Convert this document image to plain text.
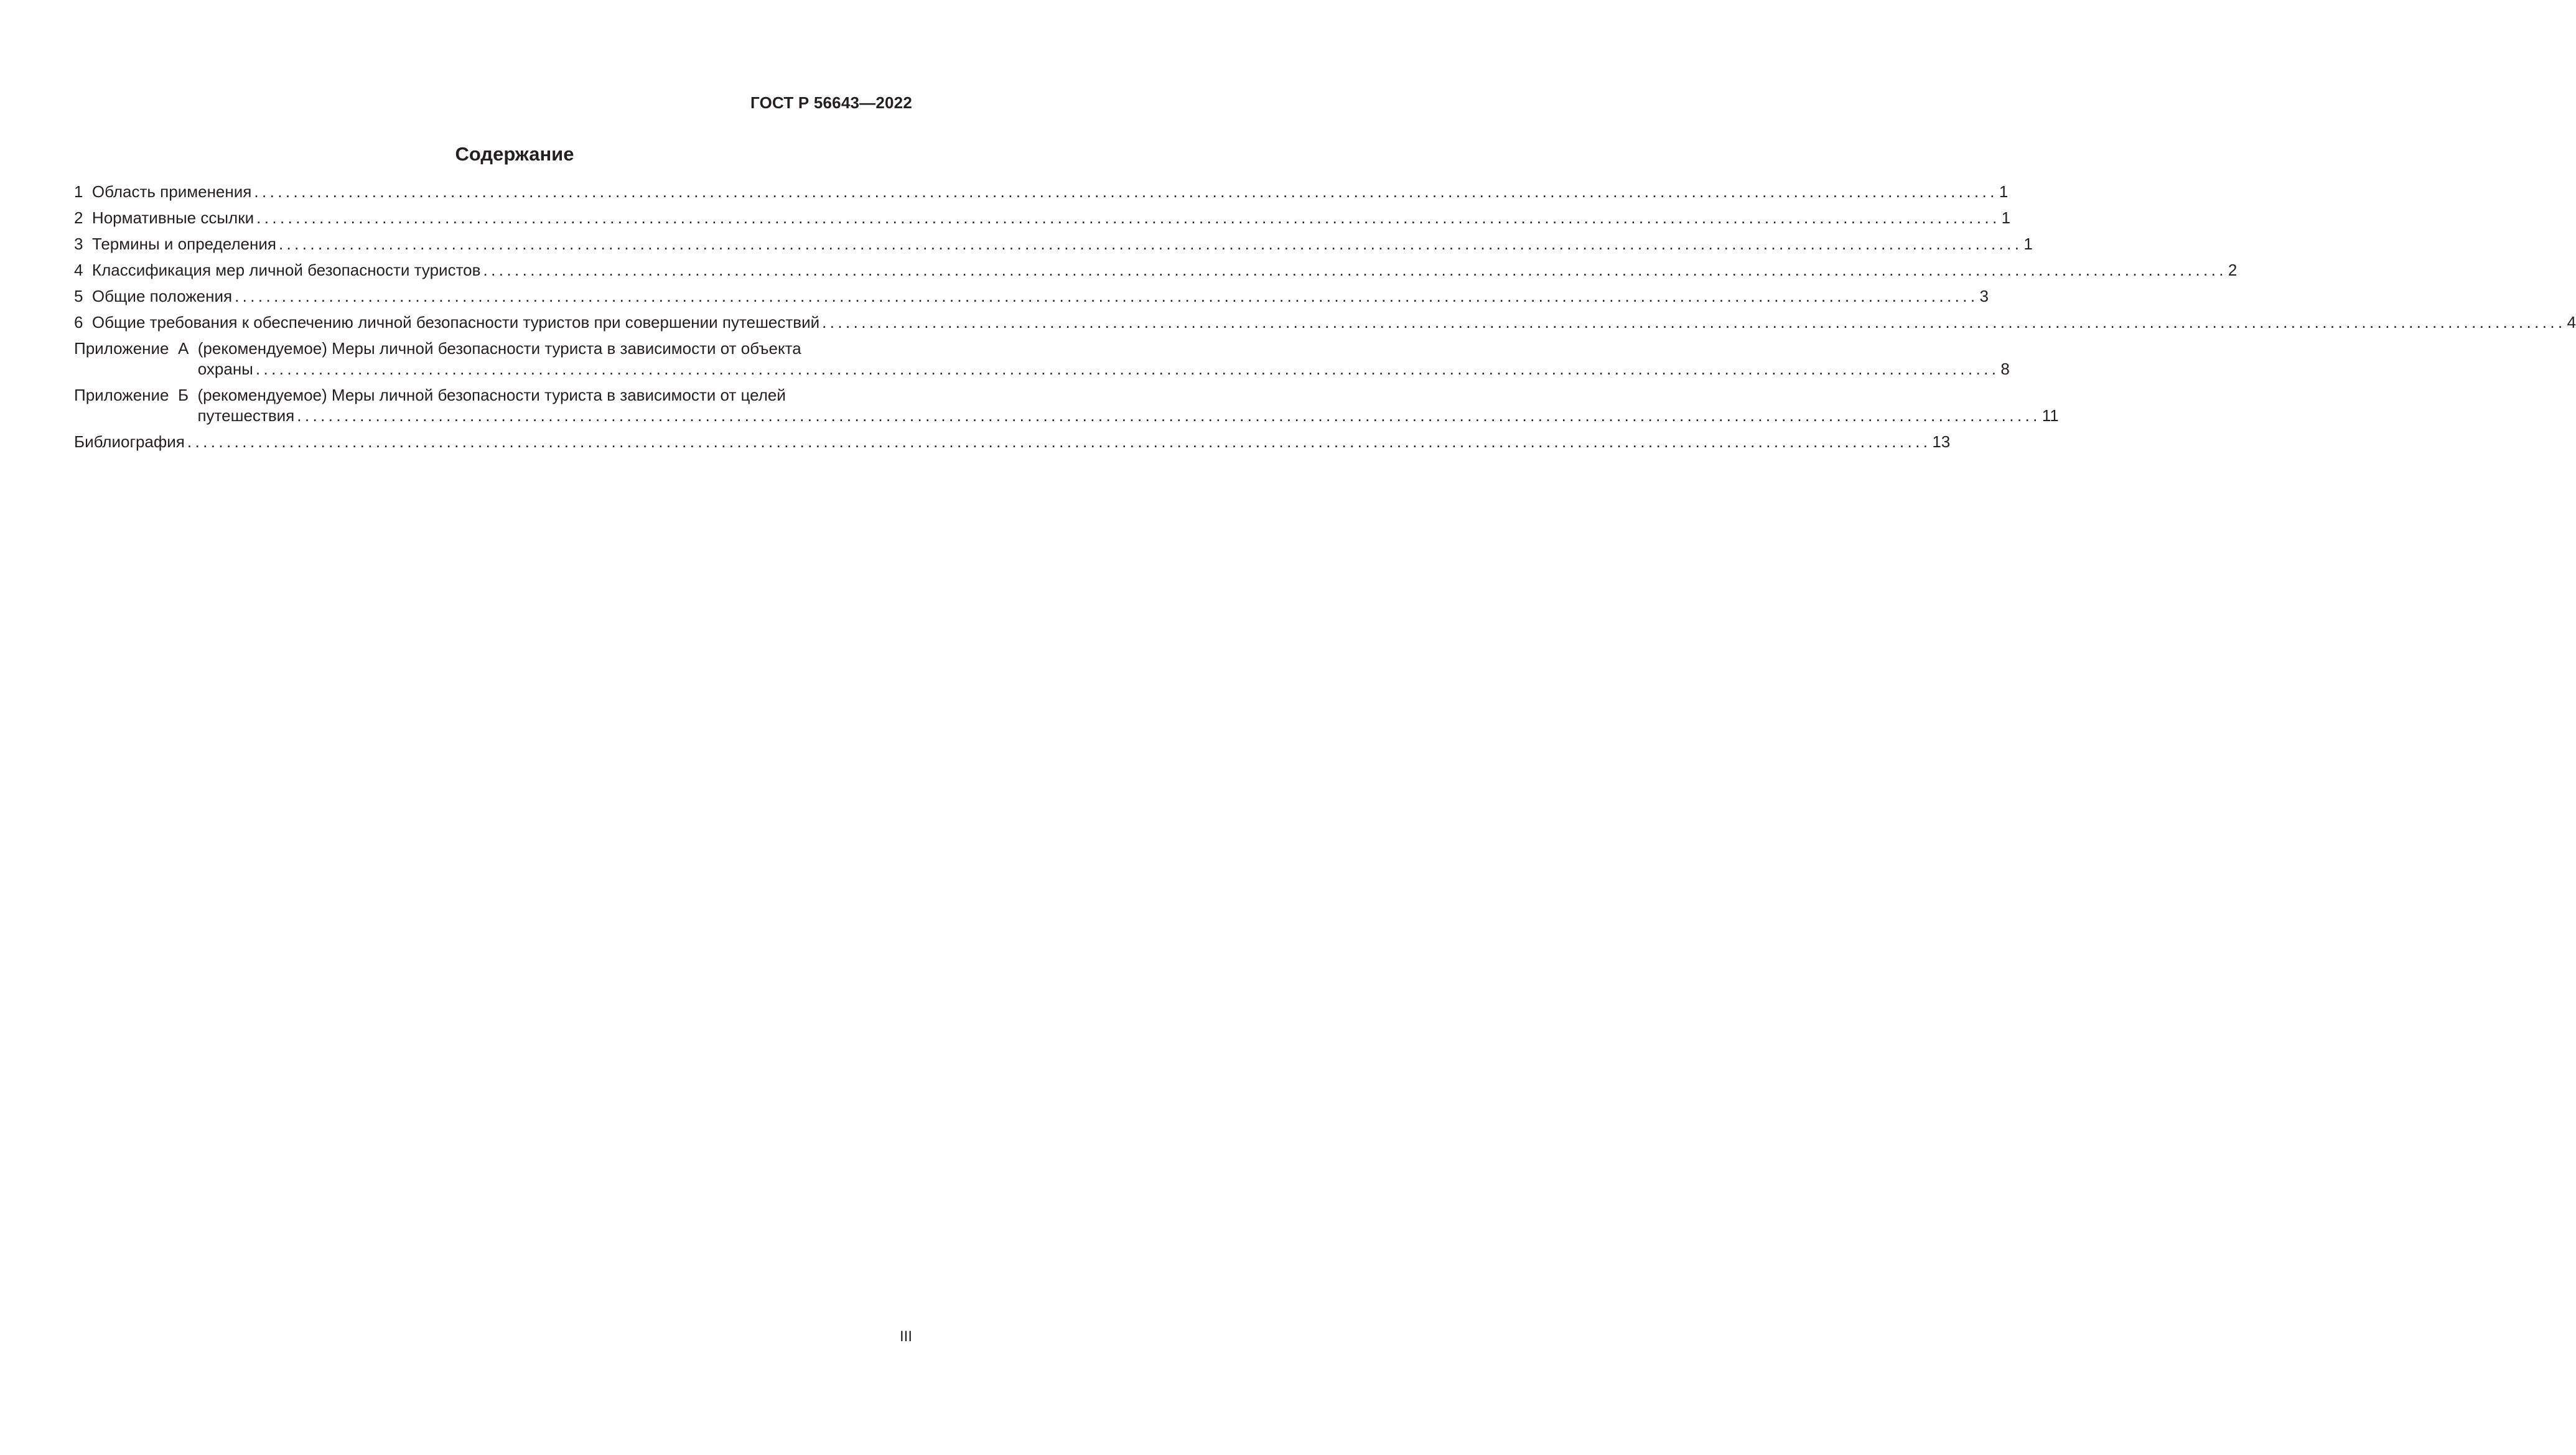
ГОСТ Р 56643—2022
Содержание
1 Область применения .............................................................................................................................................................................................................................. 1
2 Нормативные ссылки .............................................................................................................................................................................................................................. 1
3 Термины и определения .............................................................................................................................................................................................................................. 1
4 Классификация мер личной безопасности туристов .............................................................................................................................................................................................................................. 2
5 Общие положения .............................................................................................................................................................................................................................. 3
6 Общие требования к обеспечению личной безопасности туристов при совершении путешествий .............................................................................................................................................................................................................................. 4
Приложение  А (рекомендуемое) Меры личной безопасности туриста в зависимости от объекта
охраны .............................................................................................................................................................................................................................. 8
Приложение  Б (рекомендуемое) Меры личной безопасности туриста в зависимости от целей
путешествия .............................................................................................................................................................................................................................. 11
Библиография .............................................................................................................................................................................................................................. 13
III
